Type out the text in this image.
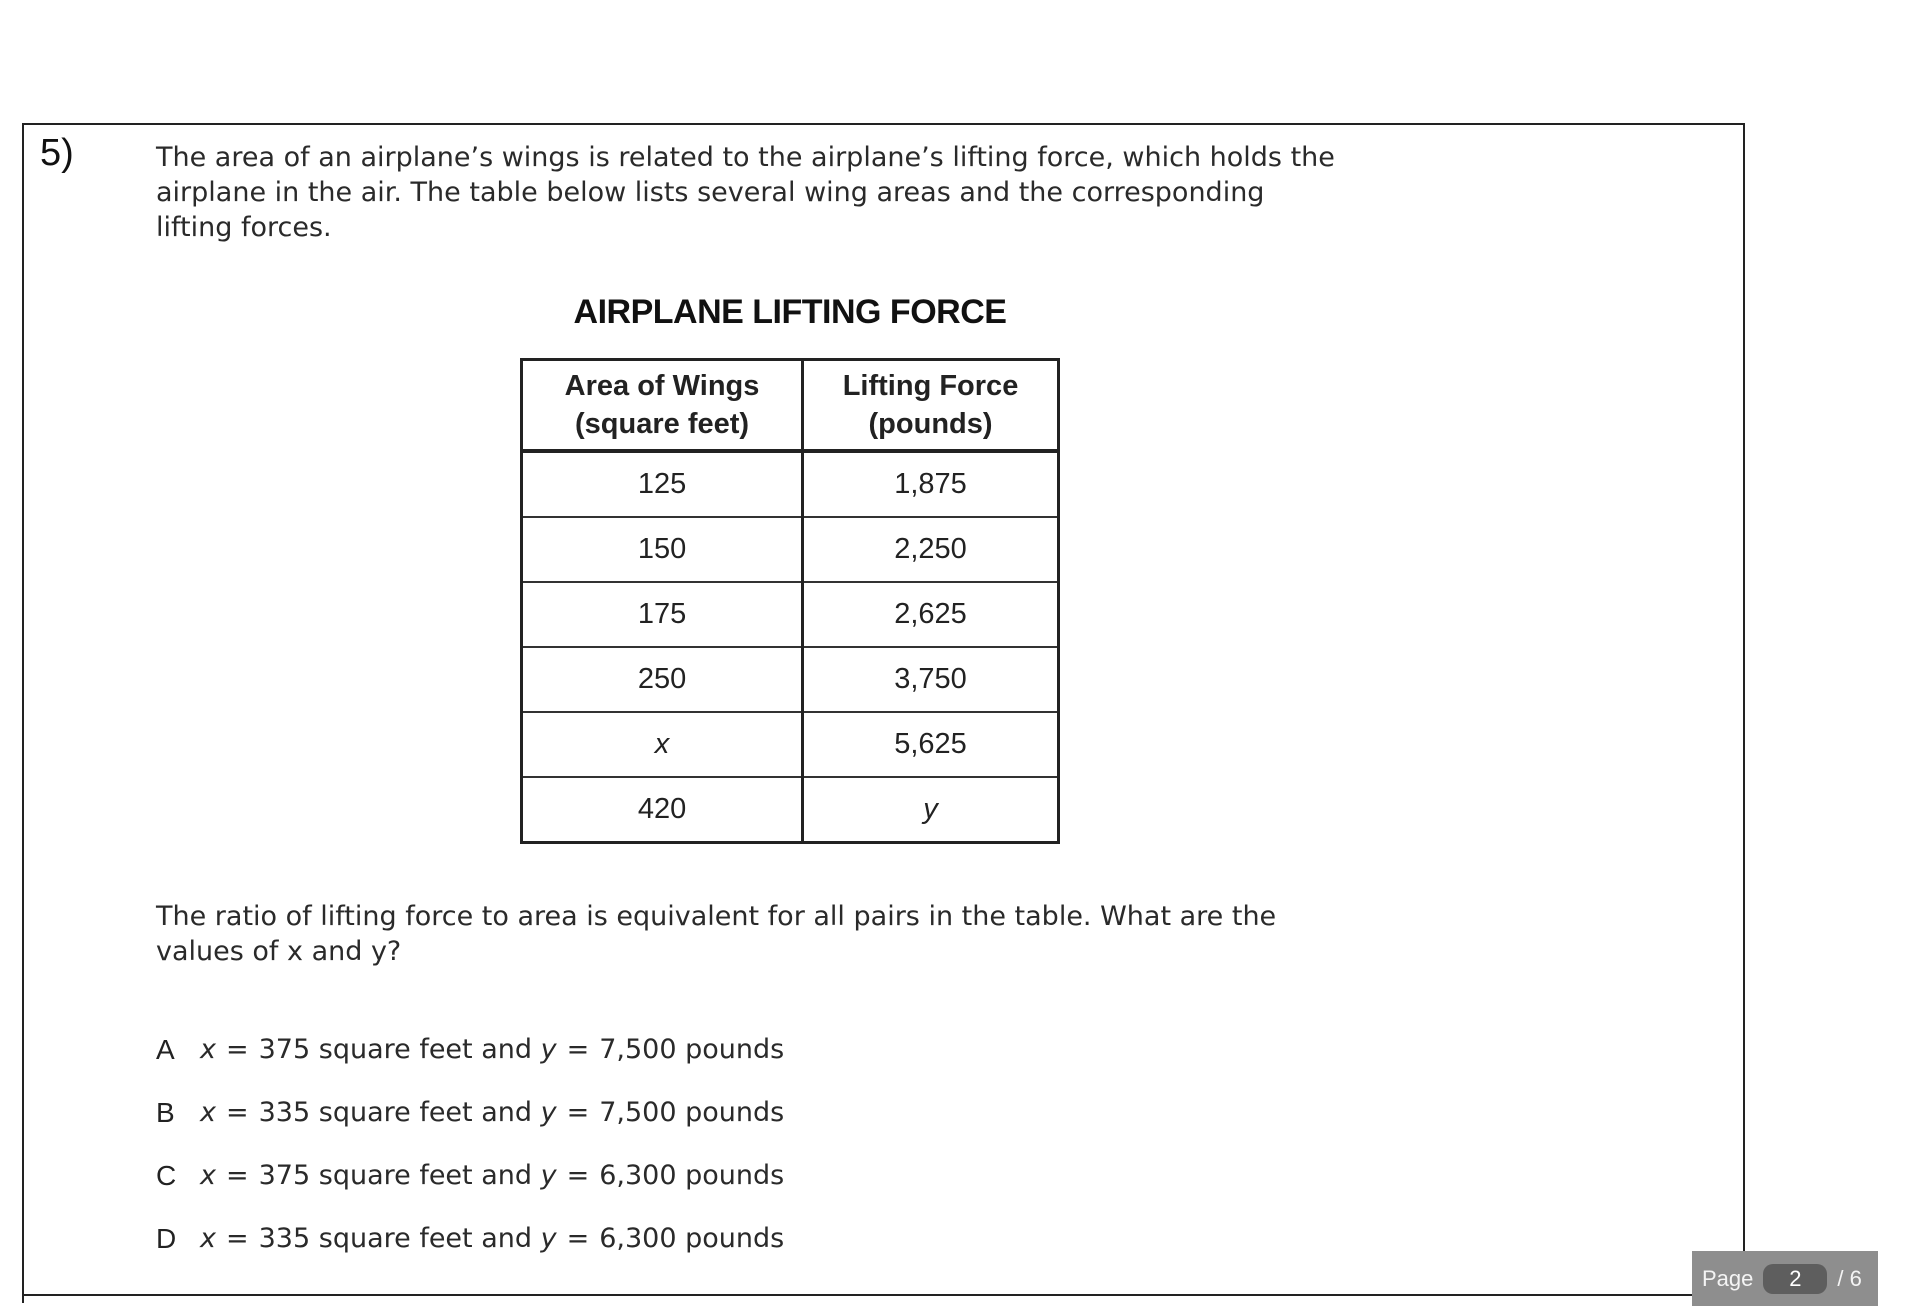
5)	The area of an airplane’s wings is related to the airplane’s lifting force, which holds the
airplane in the air. The table below lists several wing areas and the corresponding
lifting forces.
AIRPLANE LIFTING FORCE
Area of Wings
(square feet)	Lifting Force
(pounds)
125	1,875
150	2,250
175	2,625
250	3,750
x	5,625
420	y
The ratio of lifting force to area is equivalent for all pairs in the table. What are the
values of x and y?
A x = 375
square feet and
y = 7,500
pounds
B x = 335
square feet and
y = 7,500
pounds
C x = 375
square feet and
y = 6,300
pounds
D x = 335
square feet and
y = 6,300
pounds
Page	2	/ 6
